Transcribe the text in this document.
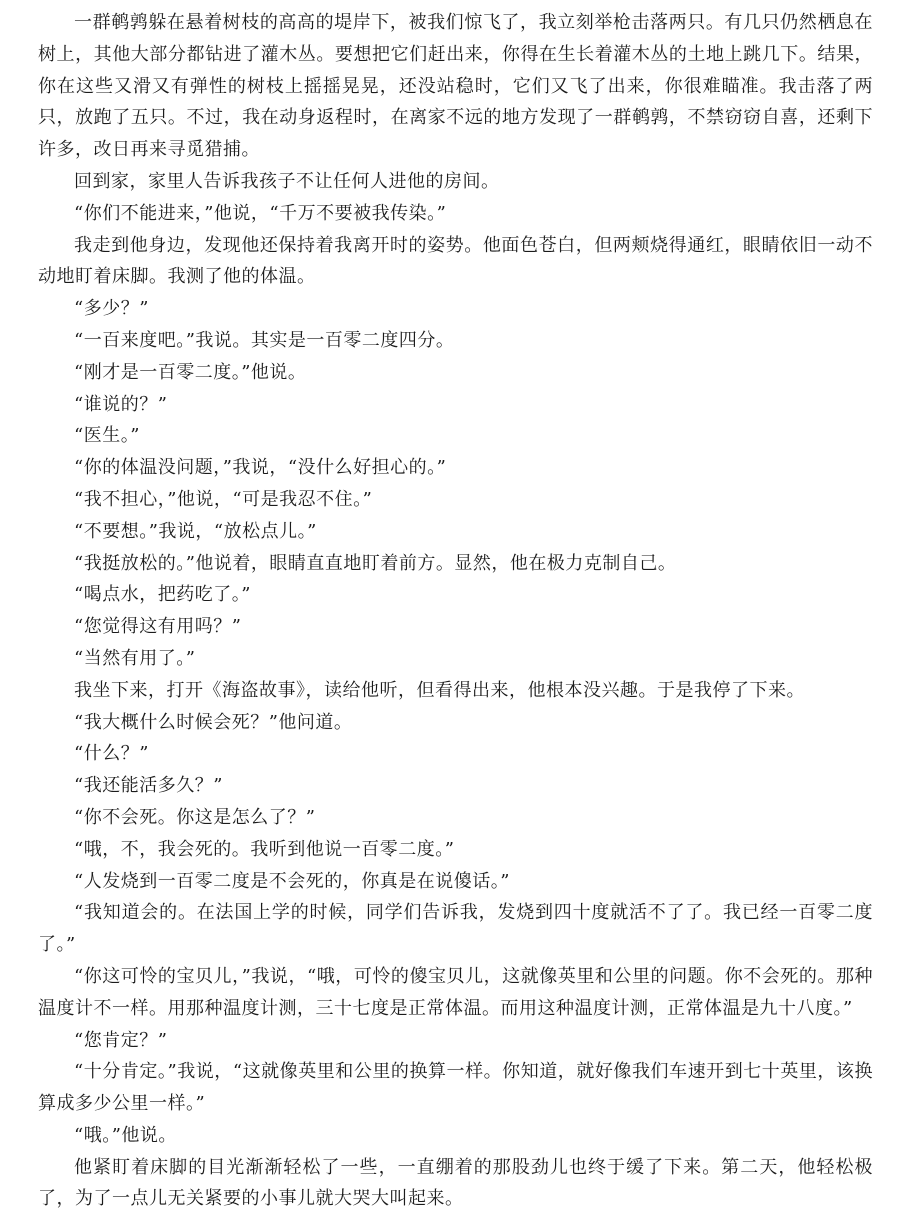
一群鹌鹑躲在悬着树枝的高高的堤岸下，被我们惊飞了，我立刻举枪击落两只。有几只仍然栖息在树上，其他大部分都钻进了灌木丛。要想把它们赶出来，你得在生长着灌木丛的土地上跳几下。结果，你在这些又滑又有弹性的树枝上摇摇晃晃，还没站稳时，它们又飞了出来，你很难瞄准。我击落了两只，放跑了五只。不过，我在动身返程时，在离家不远的地方发现了一群鹌鹑，不禁窃窃自喜，还剩下许多，改日再来寻觅猎捕。

回到家，家里人告诉我孩子不让任何人进他的房间。

“你们不能进来，”他说，“千万不要被我传染。”

我走到他身边，发现他还保持着我离开时的姿势。他面色苍白，但两颊烧得通红，眼睛依旧一动不动地盯着床脚。我测了他的体温。

“多少？”

“一百来度吧。”我说。其实是一百零二度四分。

“刚才是一百零二度。”他说。

“谁说的？”

“医生。”

“你的体温没问题，”我说，“没什么好担心的。”

“我不担心，”他说，“可是我忍不住。”

“不要想。”我说，“放松点儿。”

“我挺放松的。”他说着，眼睛直直地盯着前方。显然，他在极力克制自己。

“喝点水，把药吃了。”

“您觉得这有用吗？”

“当然有用了。”

我坐下来，打开《海盗故事》，读给他听，但看得出来，他根本没兴趣。于是我停了下来。

“我大概什么时候会死？”他问道。

“什么？”

“我还能活多久？”

“你不会死。你这是怎么了？”

“哦，不，我会死的。我听到他说一百零二度。”

“人发烧到一百零二度是不会死的，你真是在说傻话。”

“我知道会的。在法国上学的时候，同学们告诉我，发烧到四十度就活不了了。我已经一百零二度了。”

“你这可怜的宝贝儿，”我说，“哦，可怜的傻宝贝儿，这就像英里和公里的问题。你不会死的。那种温度计不一样。用那种温度计测，三十七度是正常体温。而用这种温度计测，正常体温是九十八度。”

“您肯定？”

“十分肯定。”我说，“这就像英里和公里的换算一样。你知道，就好像我们车速开到七十英里，该换算成多少公里一样。”

“哦。”他说。

他紧盯着床脚的目光渐渐轻松了一些，一直绷着的那股劲儿也终于缓了下来。第二天，他轻松极了，为了一点儿无关紧要的小事儿就大哭大叫起来。
